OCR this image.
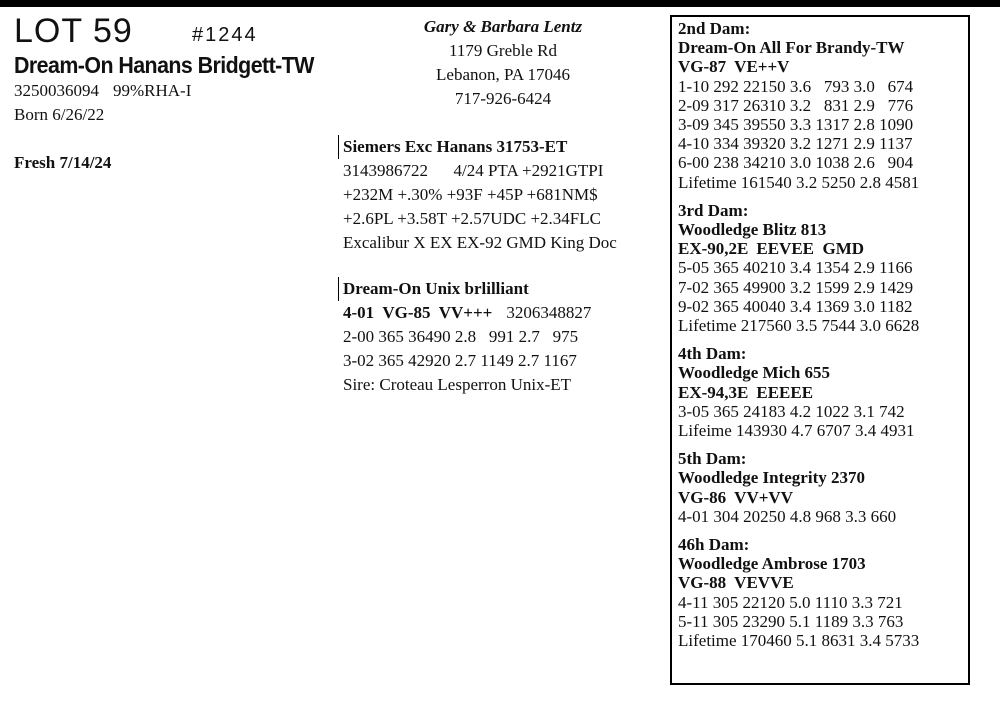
LOT 59	#1244
Dream-On Hanans Bridgett-TW
3250036094 99%RHA-I
Born 6/26/22
Fresh 7/14/24
Gary & Barbara Lentz
1179 Greble Rd
Lebanon, PA 17046
717-926-6424
Siemers Exc Hanans 31753-ET
3143986722      4/24 PTA +2921GTPI
+232M +.30% +93F +45P +681NM$
+2.6PL +3.58T +2.57UDC +2.34FLC
Excalibur X EX EX-92 GMD King Doc
Dream-On Unix brlilliant
4-01  VG-85  VV+++ 3206348827
2-00 365 36490 2.8   991 2.7   975
3-02 365 42920 2.7 1149 2.7 1167
Sire: Croteau Lesperron Unix-ET
2nd Dam:
Dream-On All For Brandy-TW
VG-87 VE++V
1-10 292 22150 3.6   793 3.0   674
2-09 317 26310 3.2   831 2.9   776
3-09 345 39550 3.3 1317 2.8 1090
4-10 334 39320 3.2 1271 2.9 1137
6-00 238 34210 3.0 1038 2.6   904
Lifetime 161540 3.2 5250 2.8 4581
3rd Dam:
Woodledge Blitz 813
EX-90,2E EEVEE  GMD
5-05 365 40210 3.4 1354 2.9 1166
7-02 365 49900 3.2 1599 2.9 1429
9-02 365 40040 3.4 1369 3.0 1182
Lifetime 217560 3.5 7544 3.0 6628
4th Dam:
Woodledge Mich 655
EX-94,3E EEEEE
3-05 365 24183 4.2 1022 3.1 742
Lifeime 143930 4.7 6707 3.4 4931
5th Dam:
Woodledge Integrity 2370
VG-86 VV+VV
4-01 304 20250 4.8 968 3.3 660
46h Dam:
Woodledge Ambrose 1703
VG-88 VEVVE
4-11 305 22120 5.0 1110 3.3 721
5-11 305 23290 5.1 1189 3.3 763
Lifetime 170460 5.1 8631 3.4 5733
